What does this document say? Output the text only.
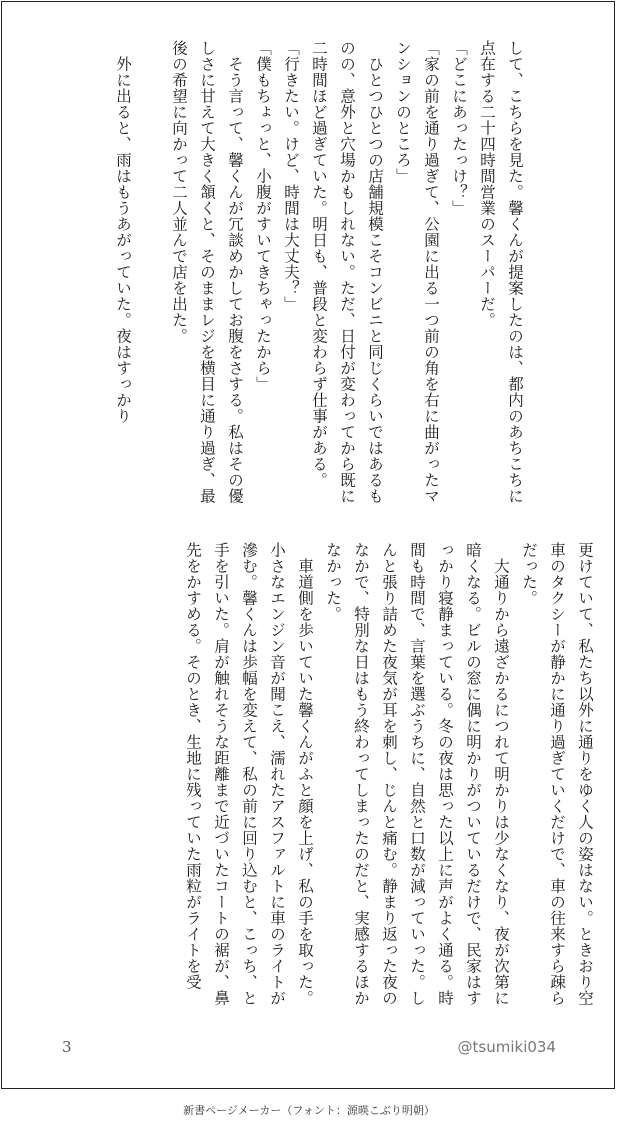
して、こちらを見た。馨くんが提案したのは、都内のあちこちに点在する二十四時間営業のスーパーだ。

「どこにあったっけ？」

「家の前を通り過ぎて、公園に出る一つ前の角を右に曲がったマンションのところ」

　ひとつひとつの店舗規模こそコンビニと同じくらいではあるものの、意外と穴場かもしれない。ただ、日付が変わってから既に二時間ほど過ぎていた。明日も、普段と変わらず仕事がある。

「行きたい。けど、時間は大丈夫？」

「僕もちょっと、小腹がすいてきちゃったから」

　そう言って、馨くんが冗談めかしてお腹をさする。私はその優しさに甘えて大きく頷くと、そのままレジを横目に通り過ぎ、最後の希望に向かって二人並んで店を出た。

　外に出ると、雨はもうあがっていた。夜はすっかり

更けていて、私たち以外に通りをゆく人の姿はない。ときおり空車のタクシーが静かに通り過ぎていくだけで、車の往来すら疎らだった。

　大通りから遠ざかるにつれて明かりは少なくなり、夜が次第に暗くなる。ビルの窓に偶に明かりがついているだけで、民家はすっかり寝静まっている。冬の夜は思った以上に声がよく通る。時間も時間で、言葉を選ぶうちに、自然と口数が減っていった。しんと張り詰めた夜気が耳を刺し、じんと痛む。静まり返った夜のなかで、特別な日はもう終わってしまったのだと、実感するほかなかった。

　車道側を歩いていた馨くんがふと顔を上げ、私の手を取った。小さなエンジン音が聞こえ、濡れたアスファルトに車のライトが滲む。馨くんは歩幅を変えて、私の前に回り込むと、こっち、と手を引いた。肩が触れそうな距離まで近づいたコートの裾が、鼻先をかすめる。そのとき、生地に残っていた雨粒がライトを受

3	@tsumiki034
新書ページメーカー（フォント：源暎こぶり明朝）
